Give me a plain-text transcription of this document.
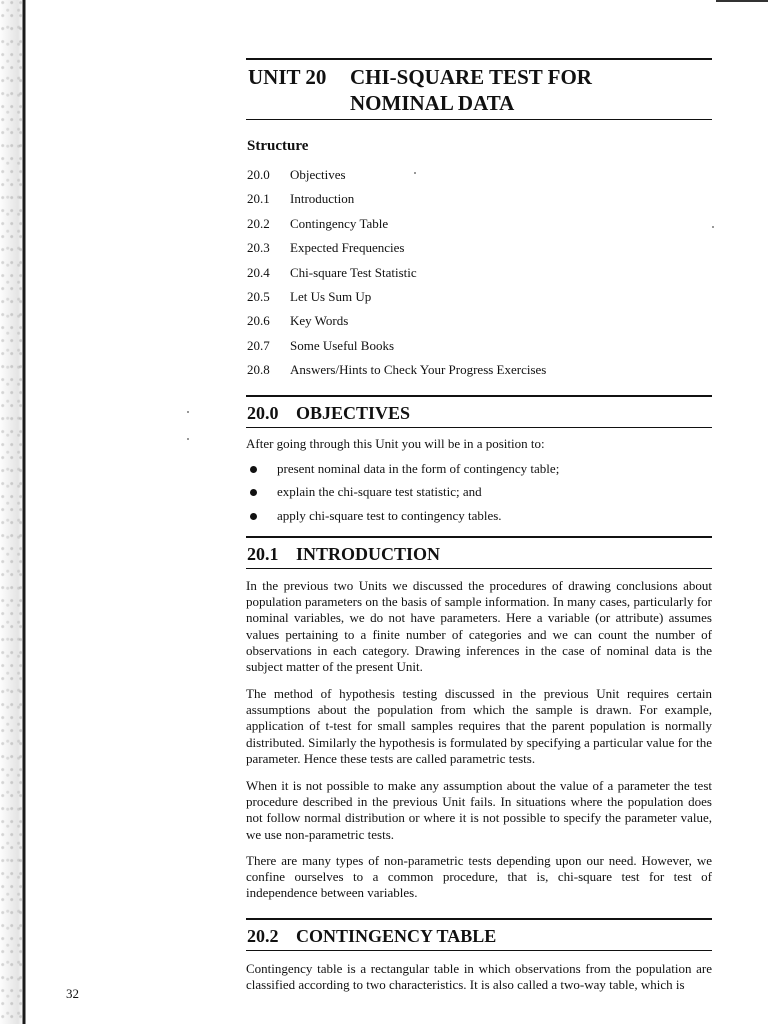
UNIT 20 CHI-SQUARE TEST FOR
NOMINAL DATA
Structure
20.0 Objectives
20.1 Introduction
20.2 Contingency Table
20.3 Expected Frequencies
20.4 Chi-square Test Statistic
20.5 Let Us Sum Up
20.6 Key Words
20.7 Some Useful Books
20.8 Answers/Hints to Check Your Progress Exercises
20.0 OBJECTIVES

After going through this Unit you will be in a position to:

present nominal data in the form of contingency table;
explain the chi-square test statistic; and
apply chi-square test to contingency tables.
20.1 INTRODUCTION

In the previous two Units we discussed the procedures of drawing conclusions about population parameters on the basis of sample information. In many cases, particularly for nominal variables, we do not have parameters. Here a variable (or attribute) assumes values pertaining to a finite number of categories and we can count the number of observations in each category. Drawing inferences in the case of nominal data is the subject matter of the present Unit.

The method of hypothesis testing discussed in the previous Unit requires certain assumptions about the population from which the sample is drawn. For example, application of t-test for small samples requires that the parent population is normally distributed. Similarly the hypothesis is formulated by specifying a particular value for the parameter. Hence these tests are called parametric tests.

When it is not possible to make any assumption about the value of a parameter the test procedure described in the previous Unit fails. In situations where the population does not follow normal distribution or where it is not possible to specify the parameter value, we use non-parametric tests.

There are many types of non-parametric tests depending upon our need. However, we confine ourselves to a common procedure, that is, chi-square test for test of independence between variables.

20.2 CONTINGENCY TABLE

Contingency table is a rectangular table in which observations from the population are classified according to two characteristics. It is also called a two-way table, which is

32
